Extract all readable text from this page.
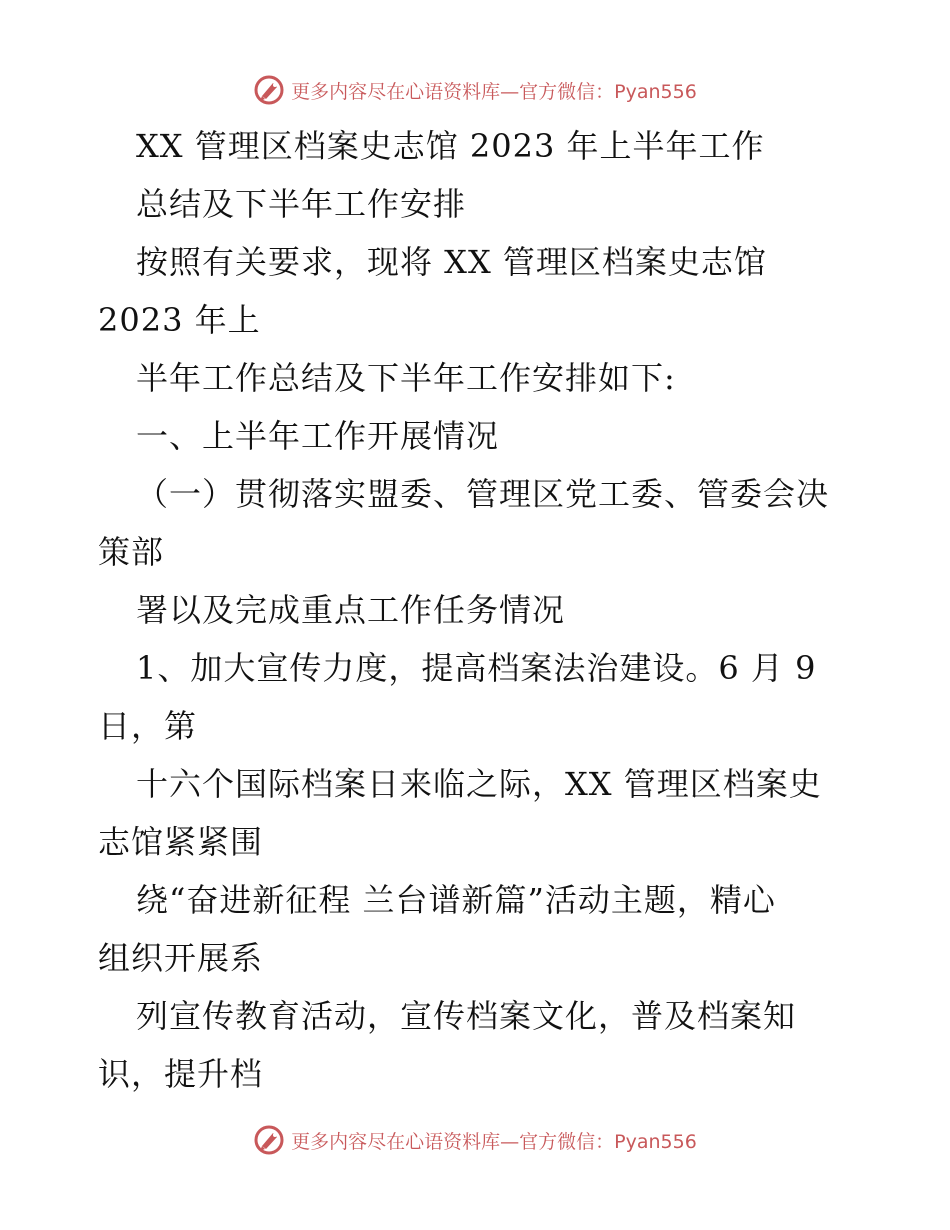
更多内容尽在心语资料库—官方微信：Pyan556
XX 管理区档案史志馆 2023 年上半年工作
总结及下半年工作安排
按照有关要求，现将 XX 管理区档案史志馆
2023 年上
半年工作总结及下半年工作安排如下:
一、上半年工作开展情况
（一）贯彻落实盟委、管理区党工委、管委会决
策部
署以及完成重点工作任务情况
1、加大宣传力度，提高档案法治建设。6 月 9
日，第
十六个国际档案日来临之际，XX 管理区档案史
志馆紧紧围
绕“奋进新征程 兰台谱新篇”活动主题，精心
组织开展系
列宣传教育活动，宣传档案文化，普及档案知
识，提升档
更多内容尽在心语资料库—官方微信：Pyan556
